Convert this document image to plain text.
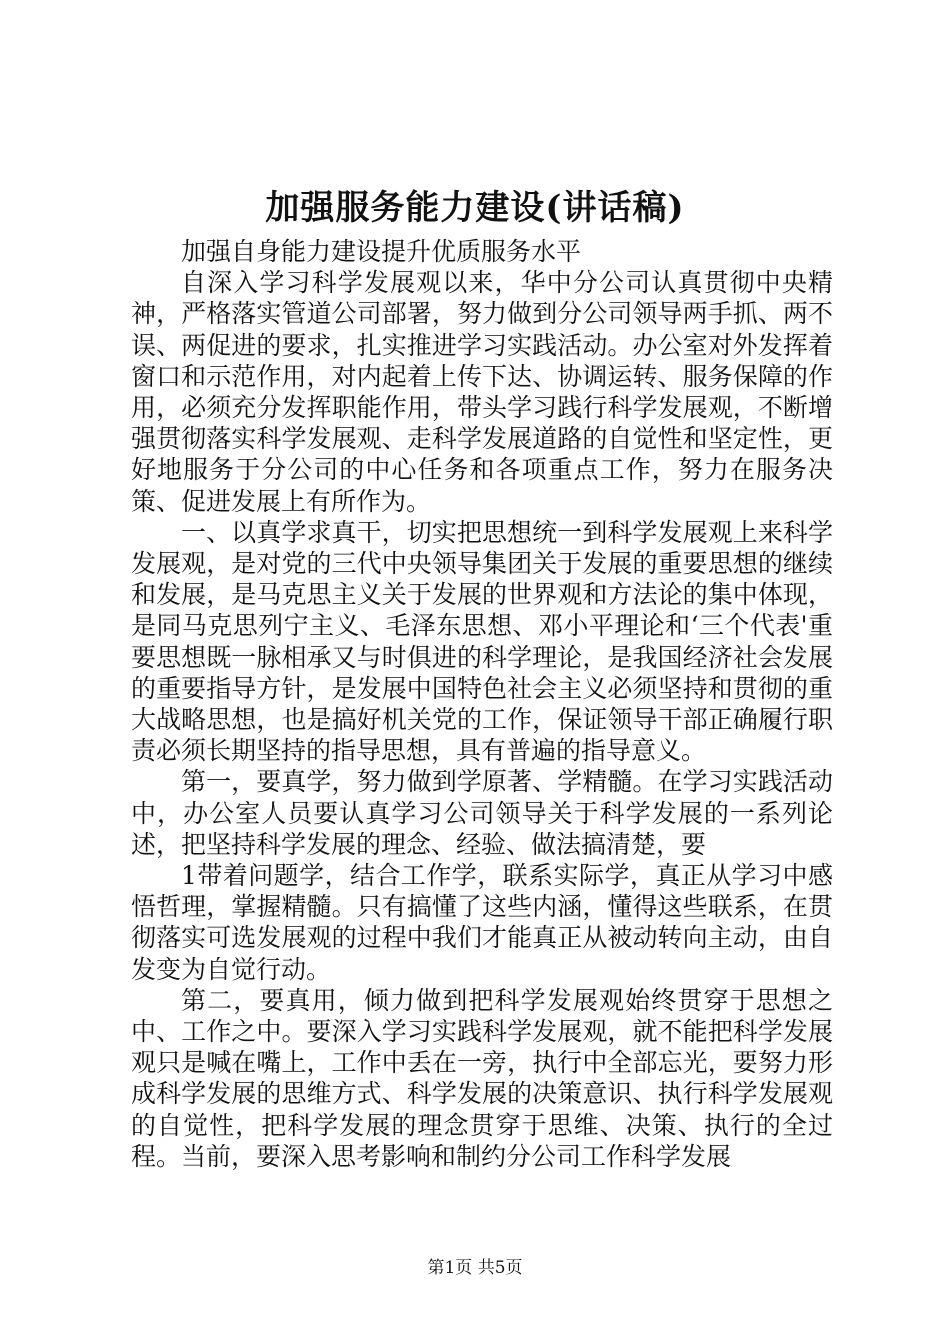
加强服务能力建设(讲话稿)

加强自身能力建设提升优质服务水平

自深入学习科学发展观以来，华中分公司认真贯彻中央精神，严格落实管道公司部署，努力做到分公司领导两手抓、两不误、两促进的要求，扎实推进学习实践活动。办公室对外发挥着窗口和示范作用，对内起着上传下达、协调运转、服务保障的作用，必须充分发挥职能作用，带头学习践行科学发展观，不断增强贯彻落实科学发展观、走科学发展道路的自觉性和坚定性，更好地服务于分公司的中心任务和各项重点工作，努力在服务决策、促进发展上有所作为。

一、以真学求真干，切实把思想统一到科学发展观上来科学发展观，是对党的三代中央领导集团关于发展的重要思想的继续和发展，是马克思主义关于发展的世界观和方法论的集中体现，是同马克思列宁主义、毛泽东思想、邓小平理论和‘三个代表'重要思想既一脉相承又与时俱进的科学理论，是我国经济社会发展的重要指导方针，是发展中国特色社会主义必须坚持和贯彻的重大战略思想，也是搞好机关党的工作，保证领导干部正确履行职责必须长期坚持的指导思想，具有普遍的指导意义。

第一，要真学，努力做到学原著、学精髓。在学习实践活动中，办公室人员要认真学习公司领导关于科学发展的一系列论述，把坚持科学发展的理念、经验、做法搞清楚，要

1带着问题学，结合工作学，联系实际学，真正从学习中感悟哲理，掌握精髓。只有搞懂了这些内涵，懂得这些联系，在贯彻落实可选发展观的过程中我们才能真正从被动转向主动，由自发变为自觉行动。

第二，要真用，倾力做到把科学发展观始终贯穿于思想之中、工作之中。要深入学习实践科学发展观，就不能把科学发展观只是喊在嘴上，工作中丢在一旁，执行中全部忘光，要努力形成科学发展的思维方式、科学发展的决策意识、执行科学发展观的自觉性，把科学发展的理念贯穿于思维、决策、执行的全过程。当前，要深入思考影响和制约分公司工作科学发展

第1页 共5页
